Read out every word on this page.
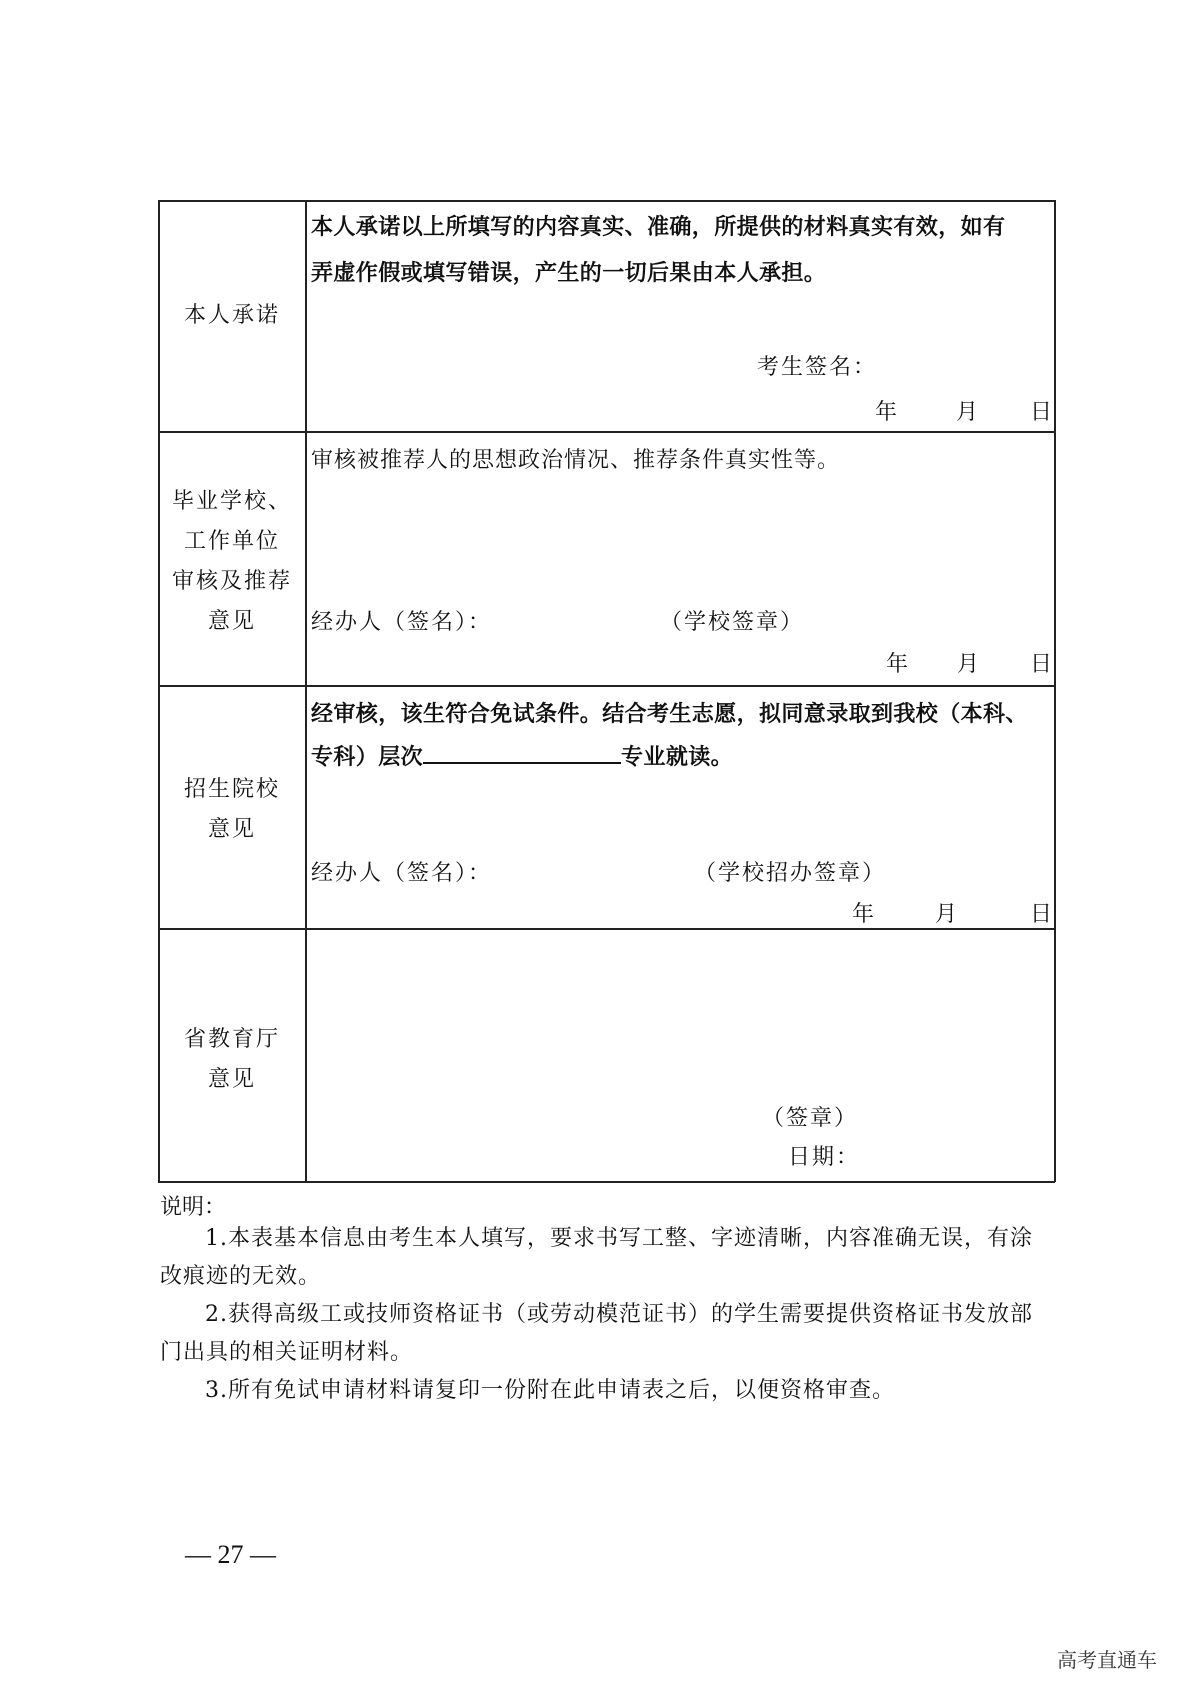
本人承诺
本人承诺以上所填写的内容真实、准确，所提供的材料真实有效，如有
弄虚作假或填写错误，产生的一切后果由本人承担。
考生签名：
年	月 日
毕业学校、
工作单位
审核及推荐
意见
审核被推荐人的思想政治情况、推荐条件真实性等。
经办人（签名）：	（学校签章）
年 月 日
招生院校
意见
经审核，该生符合免试条件。结合考生志愿，拟同意录取到我校（本科、
专科）层次	专业就读。
经办人（签名）：	（学校招办签章）
年	月	日
省教育厅
意见
（签章）
日期：
说明：
1.本表基本信息由考生本人填写，要求书写工整、字迹清晰，内容准确无误，有涂
改痕迹的无效。
2.获得高级工或技师资格证书（或劳动模范证书）的学生需要提供资格证书发放部
门出具的相关证明材料。
3.所有免试申请材料请复印一份附在此申请表之后，以便资格审查。
— 27 —
高考直通车
